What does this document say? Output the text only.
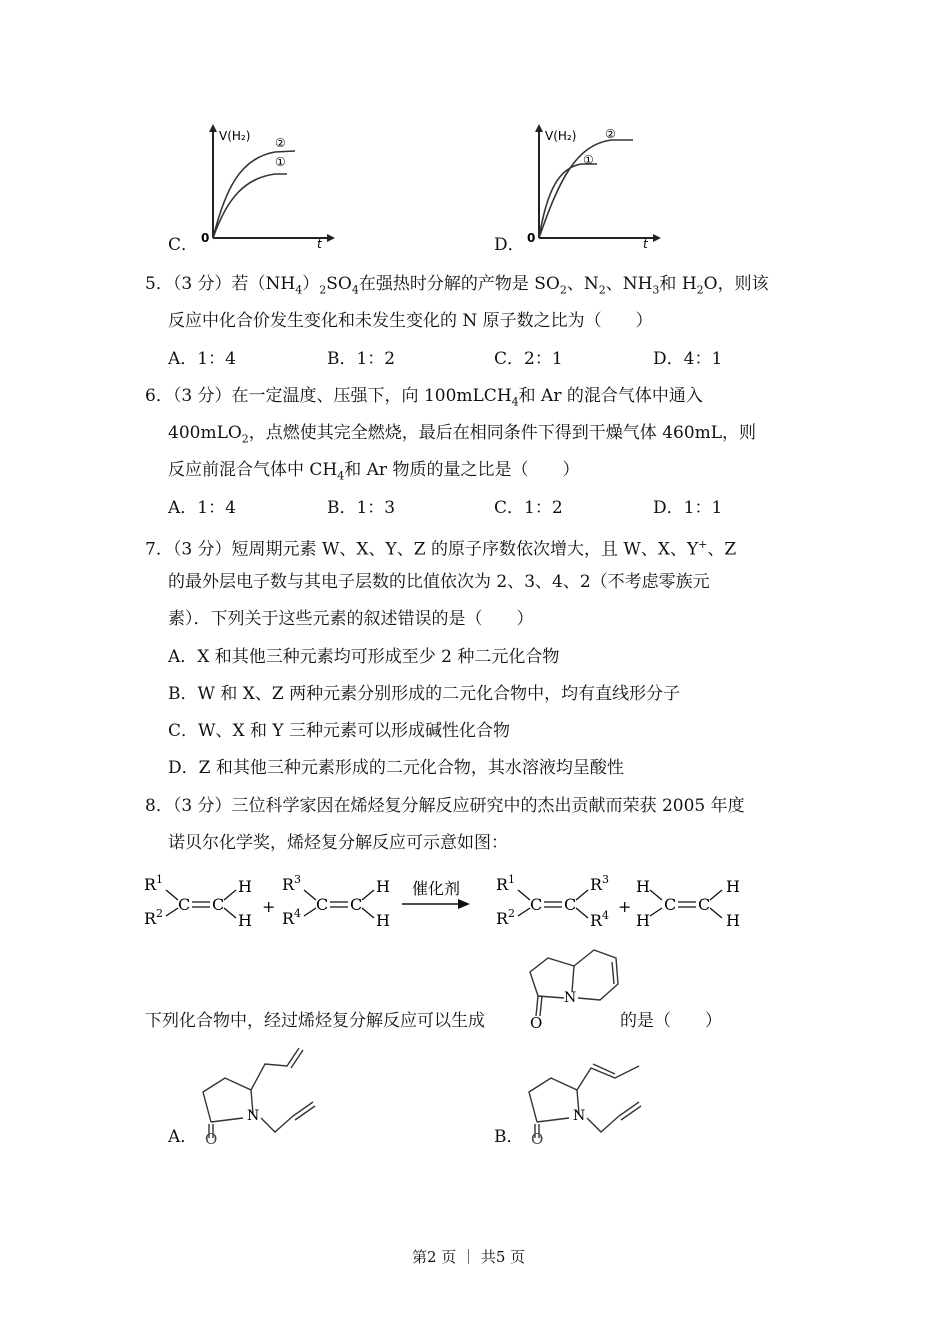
C．
V(H₂)
t
0
②
①
D．
V(H₂)
t
0
②
①
5．（3 分）若$(NH_4)_2SO_4$在强热时分解的产物是 $SO_2$、$N_2$、$NH_3$和 $H_2O$，则该
反应中化合价发生变化和未发生变化的 N 原子数之比为（　　）
A．1：4	B．1：2	C．2：1	D．4：1
6．（3 分）在一定温度、压强下，向 100mLCH$_4$和 Ar 的混合气体中通入
400mLO$_2$，点燃使其完全燃烧，最后在相同条件下得到干燥气体 460mL，则
反应前混合气体中 $CH_4$和 Ar 物质的量之比是（　　）
A．1：4	B．1：3	C．1：2	D．1：1
7．（3 分）短周期元素 W、X、Y、Z 的原子序数依次增大，且 W、X、Y+、Z
的最外层电子数与其电子层数的比值依次为 2、3、4、2（不考虑零族元
素）．下列关于这些元素的叙述错误的是（　　）
A．X 和其他三种元素均可形成至少 2 种二元化合物
B．W 和 X、Z 两种元素分别形成的二元化合物中，均有直线形分子
C．W、X 和 Y 三种元素可以形成碱性化合物
D．Z 和其他三种元素形成的二元化合物，其水溶液均呈酸性
8．（3 分）三位科学家因在烯烃复分解反应研究中的杰出贡献而荣获 2005 年度
诺贝尔化学奖，烯烃复分解反应可示意如图：
$R^1$
$R^2$ C C
H
H
+
$R^3$
$R^4$ C C
H
H
催化剂 $R^1$
$R^2$ C C
$R^3$
$R^4$ +
H
H
C C
H
H
下列化合物中，经过烯烃复分解反应可以生成	O
N
的是（　　）
A． O
N
B． O
N
第2 页 ｜ 共5 页
